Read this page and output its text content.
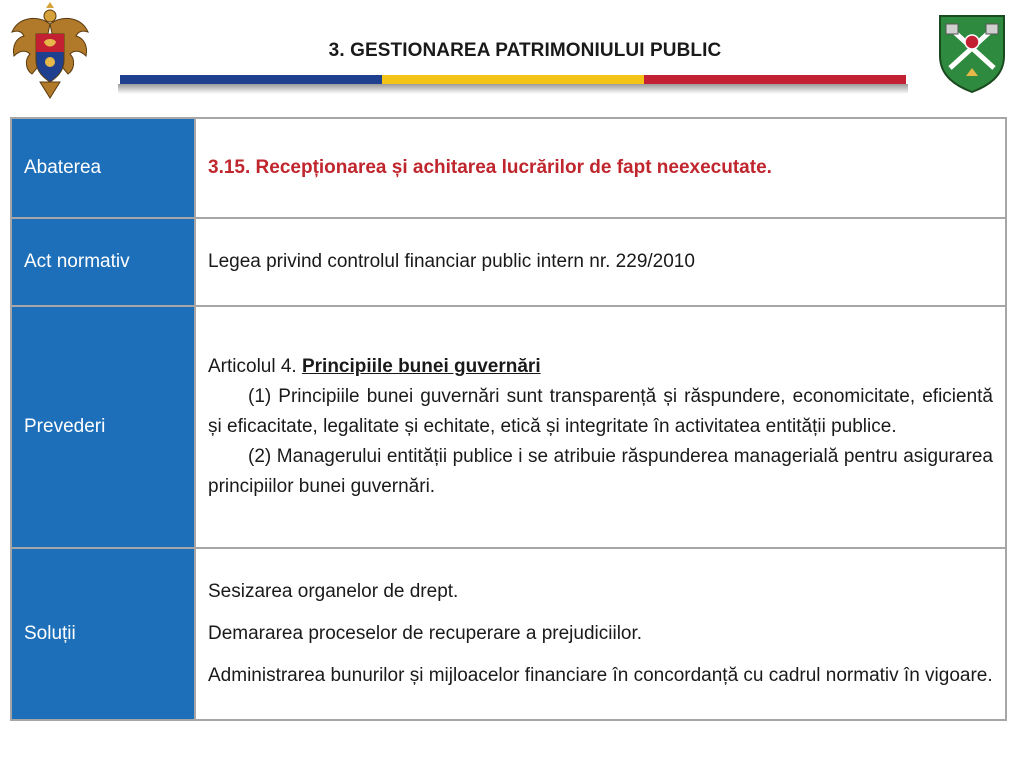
3. GESTIONAREA PATRIMONIULUI PUBLIC
Abaterea	3.15. Recepționarea și achitarea lucrărilor de fapt neexecutate.
Act normativ	Legea privind controlul financiar public intern nr. 229/2010
Prevederi	Articolul 4. Principiile bunei guvernări

(1) Principiile bunei guvernări sunt transparență și răspundere, economicitate, eficientă și eficacitate, legalitate și echitate, etică și integritate în activitatea entității publice.

(2) Managerului entității publice i se atribuie răspunderea managerială pentru asigurarea principiilor bunei guvernări.

Soluții	Sesizarea organelor de drept.

Demararea proceselor de recuperare a prejudiciilor.

Administrarea bunurilor și mijloacelor financiare în concordanță cu cadrul normativ în vigoare.
